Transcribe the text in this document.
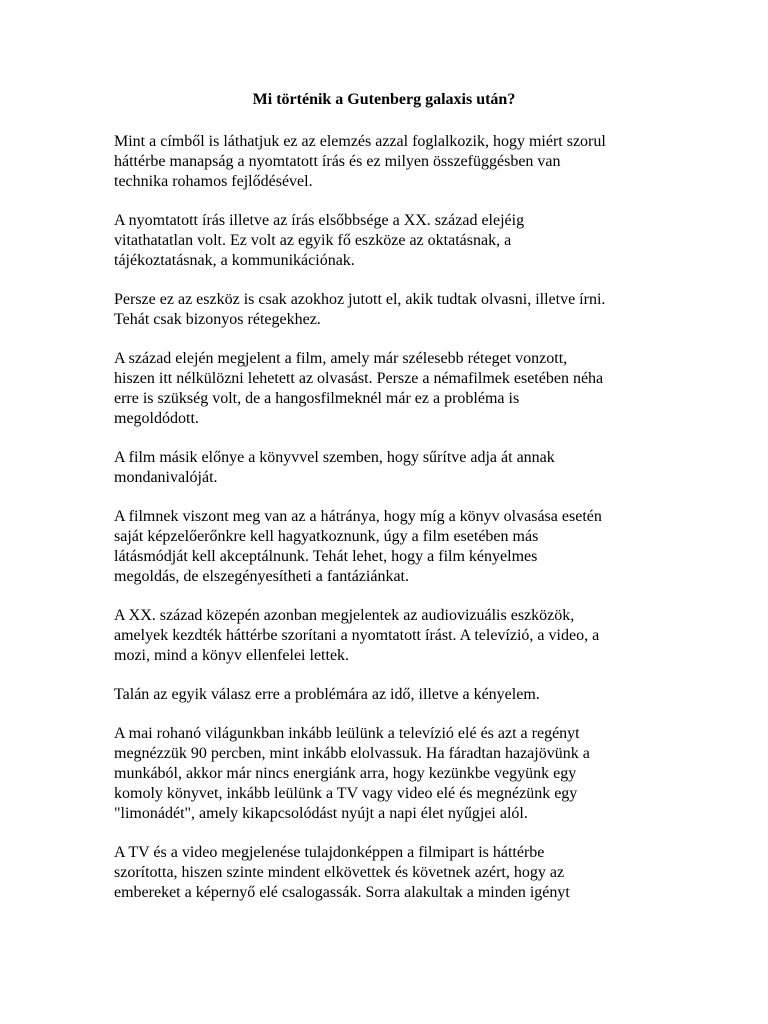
Mi történik a Gutenberg galaxis után?
Mint a címből is láthatjuk ez az elemzés azzal foglalkozik, hogy miért szorul
háttérbe manapság a nyomtatott írás és ez milyen összefüggésben van
technika rohamos fejlődésével.
A nyomtatott írás illetve az írás elsőbbsége a XX. század elejéig
vitathatatlan volt. Ez volt az egyik fő eszköze az oktatásnak, a
tájékoztatásnak, a kommunikációnak.
Persze ez az eszköz is csak azokhoz jutott el, akik tudtak olvasni, illetve írni.
Tehát csak bizonyos rétegekhez.
A század elején megjelent a film, amely már szélesebb réteget vonzott,
hiszen itt nélkülözni lehetett az olvasást. Persze a némafilmek esetében néha
erre is szükség volt, de a hangosfilmeknél már ez a probléma is
megoldódott.
A film másik előnye a könyvvel szemben, hogy sűrítve adja át annak
mondanivalóját.
A filmnek viszont meg van az a hátránya, hogy míg a könyv olvasása esetén
saját képzelőerőnkre kell hagyatkoznunk, úgy a film esetében más
látásmódját kell akceptálnunk. Tehát lehet, hogy a film kényelmes
megoldás, de elszegényesítheti a fantáziánkat.
A XX. század közepén azonban megjelentek az audiovizuális eszközök,
amelyek kezdték háttérbe szorítani a nyomtatott írást. A televízió, a video, a
mozi, mind a könyv ellenfelei lettek.
Talán az egyik válasz erre a problémára az idő, illetve a kényelem.
A mai rohanó világunkban inkább leülünk a televízió elé és azt a regényt
megnézzük 90 percben, mint inkább elolvassuk. Ha fáradtan hazajövünk a
munkából, akkor már nincs energiánk arra, hogy kezünkbe vegyünk egy
komoly könyvet, inkább leülünk a TV vagy video elé és megnézünk egy
"limonádét", amely kikapcsolódást nyújt a napi élet nyűgjei alól.
A TV és a video megjelenése tulajdonképpen a filmipart is háttérbe
szorította, hiszen szinte mindent elkövettek és követnek azért, hogy az
embereket a képernyő elé csalogassák. Sorra alakultak a minden igényt
